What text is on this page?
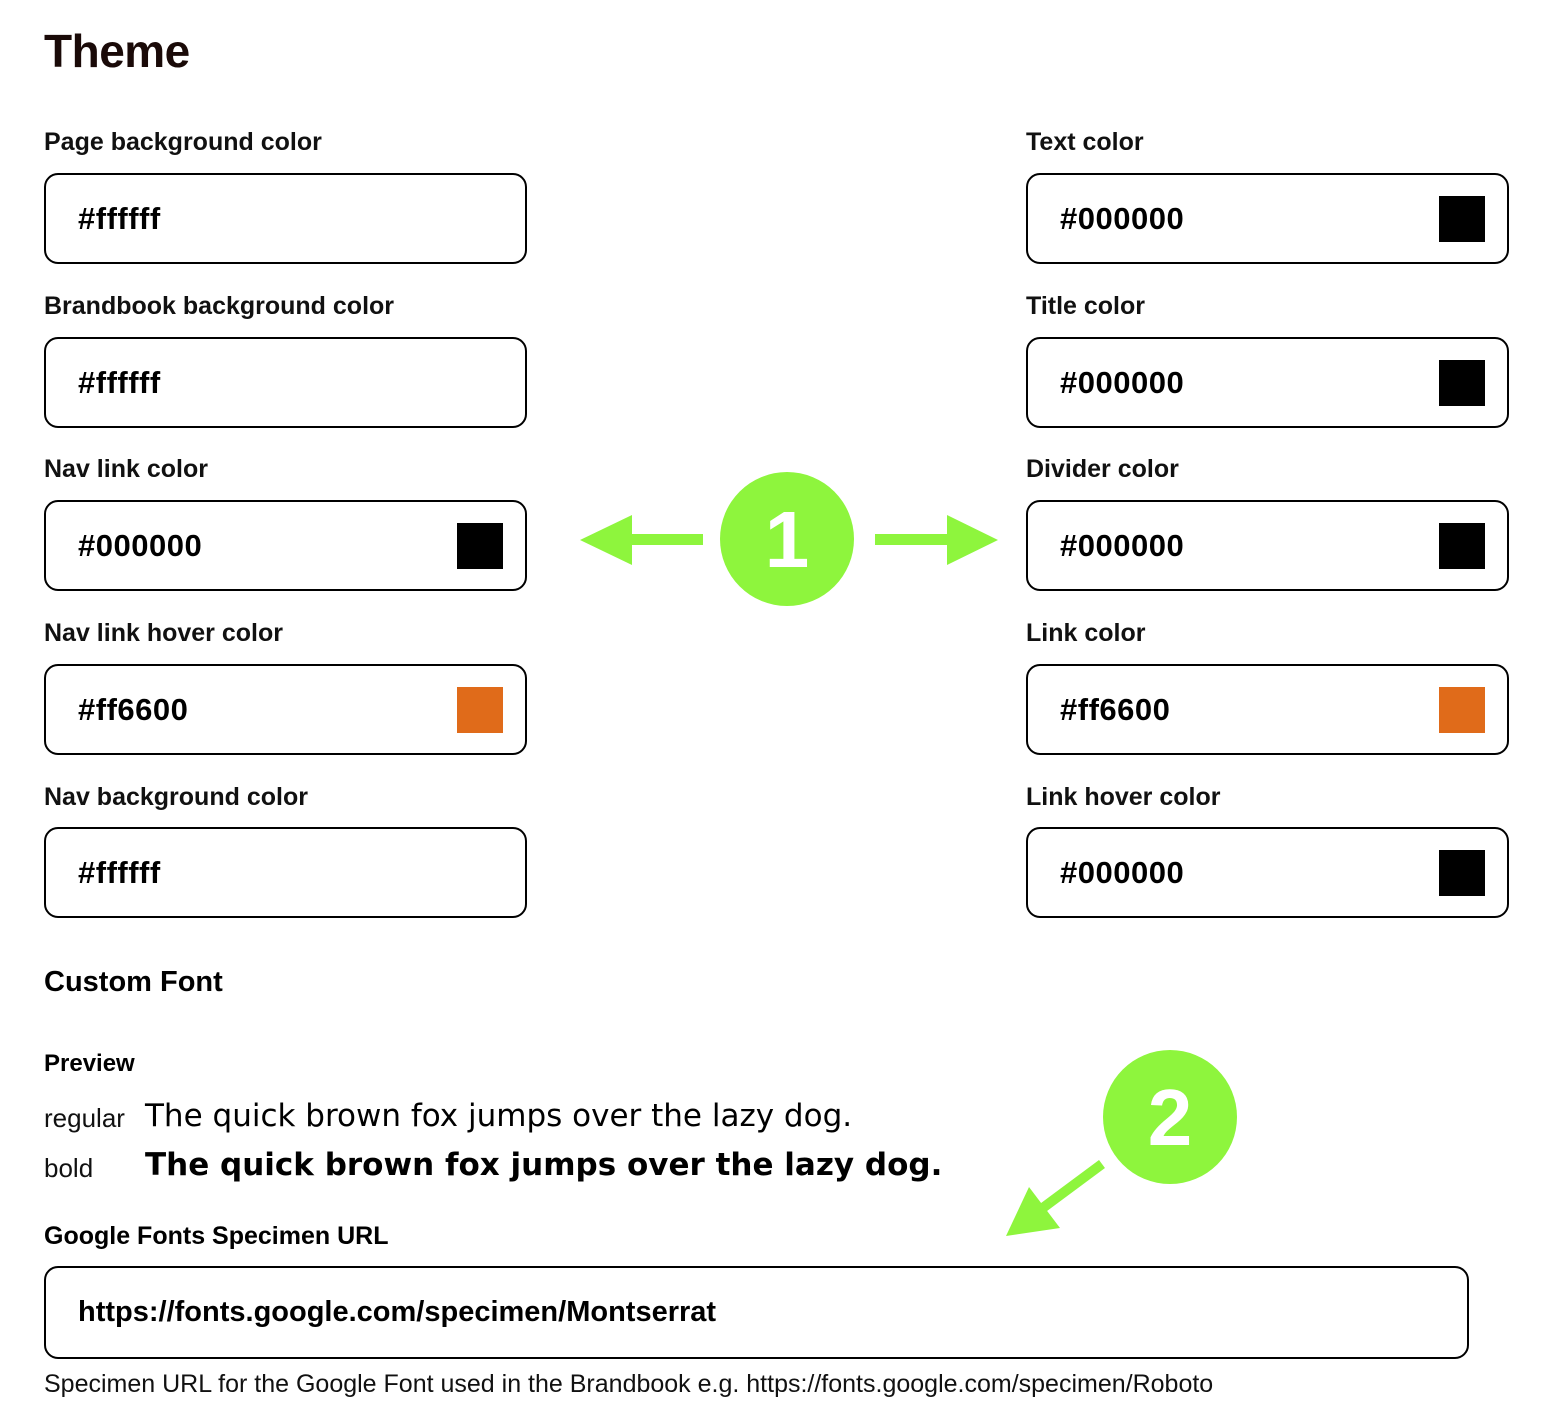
Theme
Page background color
#ffffff
Brandbook background color
#ffffff
Nav link color
#000000
Nav link hover color
#ff6600
Nav background color
#ffffff
Text color
#000000
Title color
#000000
Divider color
#000000
Link color
#ff6600
Link hover color
#000000
Custom Font
Preview
regular The quick brown fox jumps over the lazy dog.
bold The quick brown fox jumps over the lazy dog.
Google Fonts Specimen URL
https://fonts.google.com/specimen/Montserrat
Specimen URL for the Google Font used in the Brandbook e.g. https://fonts.google.com/specimen/Roboto
1
2
